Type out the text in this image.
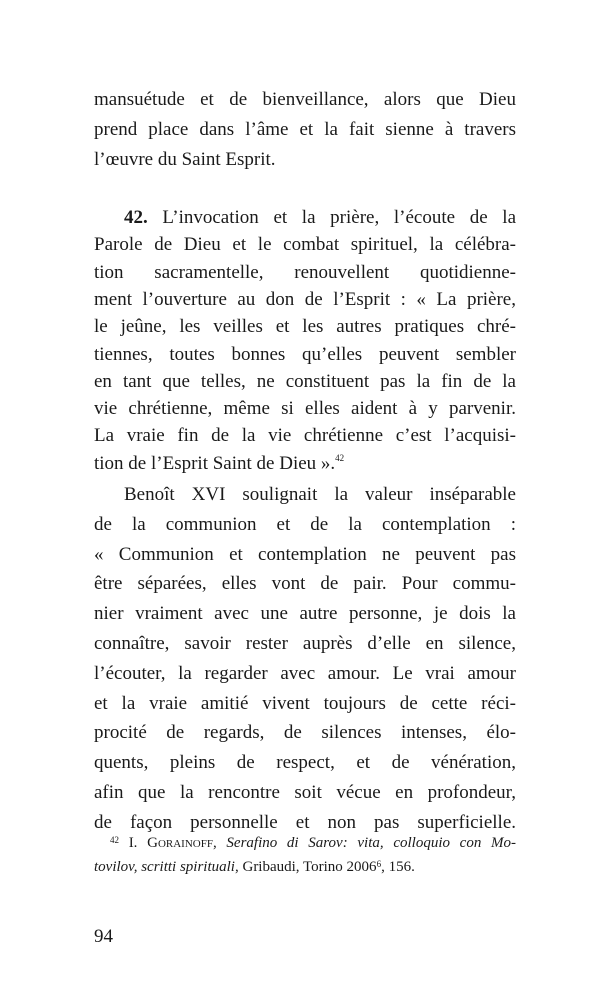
mansuétude et de bienveillance, alors que Dieu
prend place dans l’âme et la fait sienne à travers
l’œuvre du Saint Esprit.
42. L’invocation et la prière, l’écoute de la
Parole de Dieu et le combat spirituel, la célébra-
tion sacramentelle, renouvellent quotidienne-
ment l’ouverture au don de l’Esprit : « La prière,
le jeûne, les veilles et les autres pratiques chré-
tiennes, toutes bonnes qu’elles peuvent sembler
en tant que telles, ne constituent pas la fin de la
vie chrétienne, même si elles aident à y parvenir.
La vraie fin de la vie chrétienne c’est l’acquisi-
tion de l’Esprit Saint de Dieu ».$^{42}$
Benoît XVI soulignait la valeur inséparable
de la communion et de la contemplation :
« Communion et contemplation ne peuvent pas
être séparées, elles vont de pair. Pour commu-
nier vraiment avec une autre personne, je dois la
connaître, savoir rester auprès d’elle en silence,
l’écouter, la regarder avec amour. Le vrai amour
et la vraie amitié vivent toujours de cette réci-
procité de regards, de silences intenses, élo-
quents, pleins de respect, et de vénération,
afin que la rencontre soit vécue en profondeur,
de façon personnelle et non pas superficielle.
$^{42}$ I. Gorainoff, Serafino di Sarov: vita, colloquio con Mo-
tovilov, scritti spirituali, Gribaudi, Torino 2006$^6$, 156.
94
